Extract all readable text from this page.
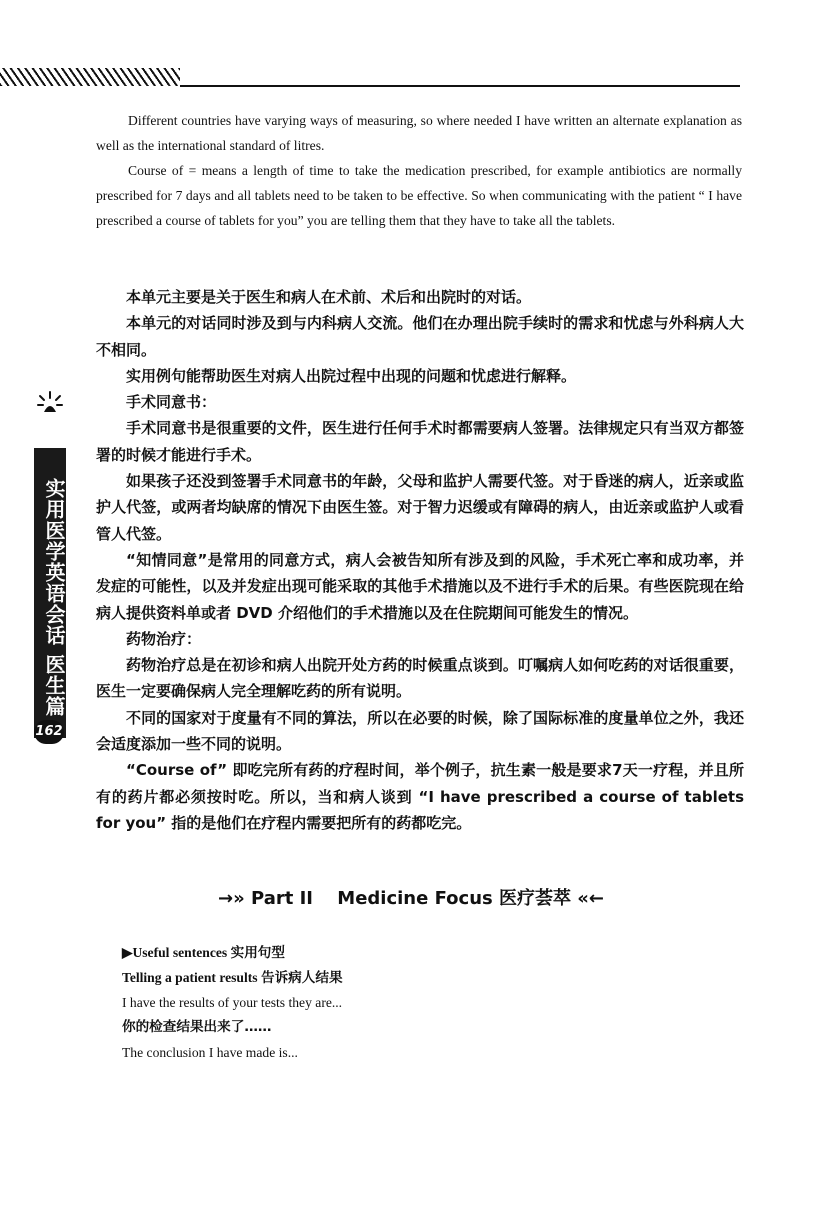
Different countries have varying ways of measuring, so where needed I have written an alternate explanation as well as the international standard of litres.

Course of = means a length of time to take the medication prescribed, for example antibiotics are normally prescribed for 7 days and all tablets need to be taken to be effective. So when communicating with the patient “ I have prescribed a course of tablets for you” you are telling them that they have to take all the tablets.

本单元主要是关于医生和病人在术前、术后和出院时的对话。

本单元的对话同时涉及到与内科病人交流。他们在办理出院手续时的需求和忧虑与外科病人大不相同。

实用例句能帮助医生对病人出院过程中出现的问题和忧虑进行解释。

手术同意书：

手术同意书是很重要的文件，医生进行任何手术时都需要病人签署。法律规定只有当双方都签署的时候才能进行手术。

如果孩子还没到签署手术同意书的年龄，父母和监护人需要代签。对于昏迷的病人，近亲或监护人代签，或两者均缺席的情况下由医生签。对于智力迟缓或有障碍的病人，由近亲或监护人或看管人代签。

“知情同意”是常用的同意方式，病人会被告知所有涉及到的风险，手术死亡率和成功率，并发症的可能性，以及并发症出现可能采取的其他手术措施以及不进行手术的后果。有些医院现在给病人提供资料单或者 DVD 介绍他们的手术措施以及在住院期间可能发生的情况。

药物治疗：

药物治疗总是在初诊和病人出院开处方药的时候重点谈到。叮嘱病人如何吃药的对话很重要，医生一定要确保病人完全理解吃药的所有说明。

不同的国家对于度量有不同的算法，所以在必要的时候，除了国际标准的度量单位之外，我还会适度添加一些不同的说明。

“Course of” 即吃完所有药的疗程时间，举个例子，抗生素一般是要求7天一疗程，并且所有的药片都必须按时吃。所以，当和病人谈到 “I have prescribed a course of tablets for you” 指的是他们在疗程内需要把所有的药都吃完。

实用医学英语会话 医生篇
162
→» Part II Medicine Focus 医疗荟萃 «←
▶Useful sentences 实用句型
Telling a patient results 告诉病人结果
I have the results of your tests they are...
你的检查结果出来了……
The conclusion I have made is...
